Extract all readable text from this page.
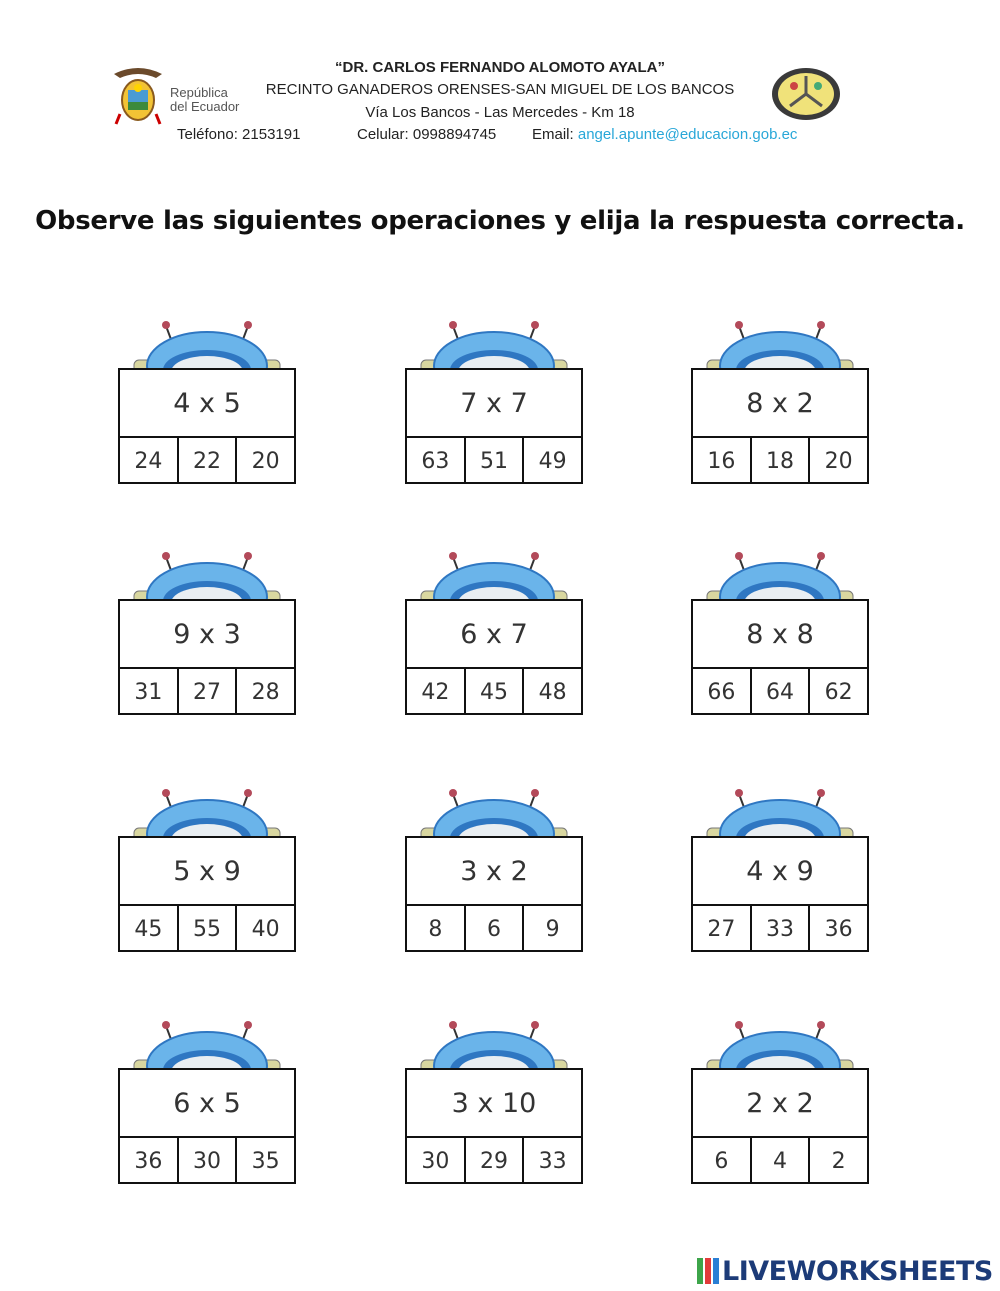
República
del Ecuador
“DR. CARLOS FERNANDO ALOMOTO AYALA”
RECINTO GANADEROS ORENSES-SAN MIGUEL DE LOS BANCOS
Vía Los Bancos - Las Mercedes - Km 18
Teléfono: 2153191	Celular: 0998894745 Email: angel.apunte@educacion.gob.ec
Observe las siguientes operaciones y elija la respuesta correcta.
4 x 5
24	22	20
7 x 7
63	51	49
8 x 2
16	18	20
9 x 3
31	27	28
6 x 7
42	45	48
8 x 8
66	64	62
5 x 9
45	55	40
3 x 2
8	6	9
4 x 9
27	33	36
6 x 5
36	30	35
3 x 10
30	29	33
2 x 2
6	4	2
LIVEWORKSHEETS
